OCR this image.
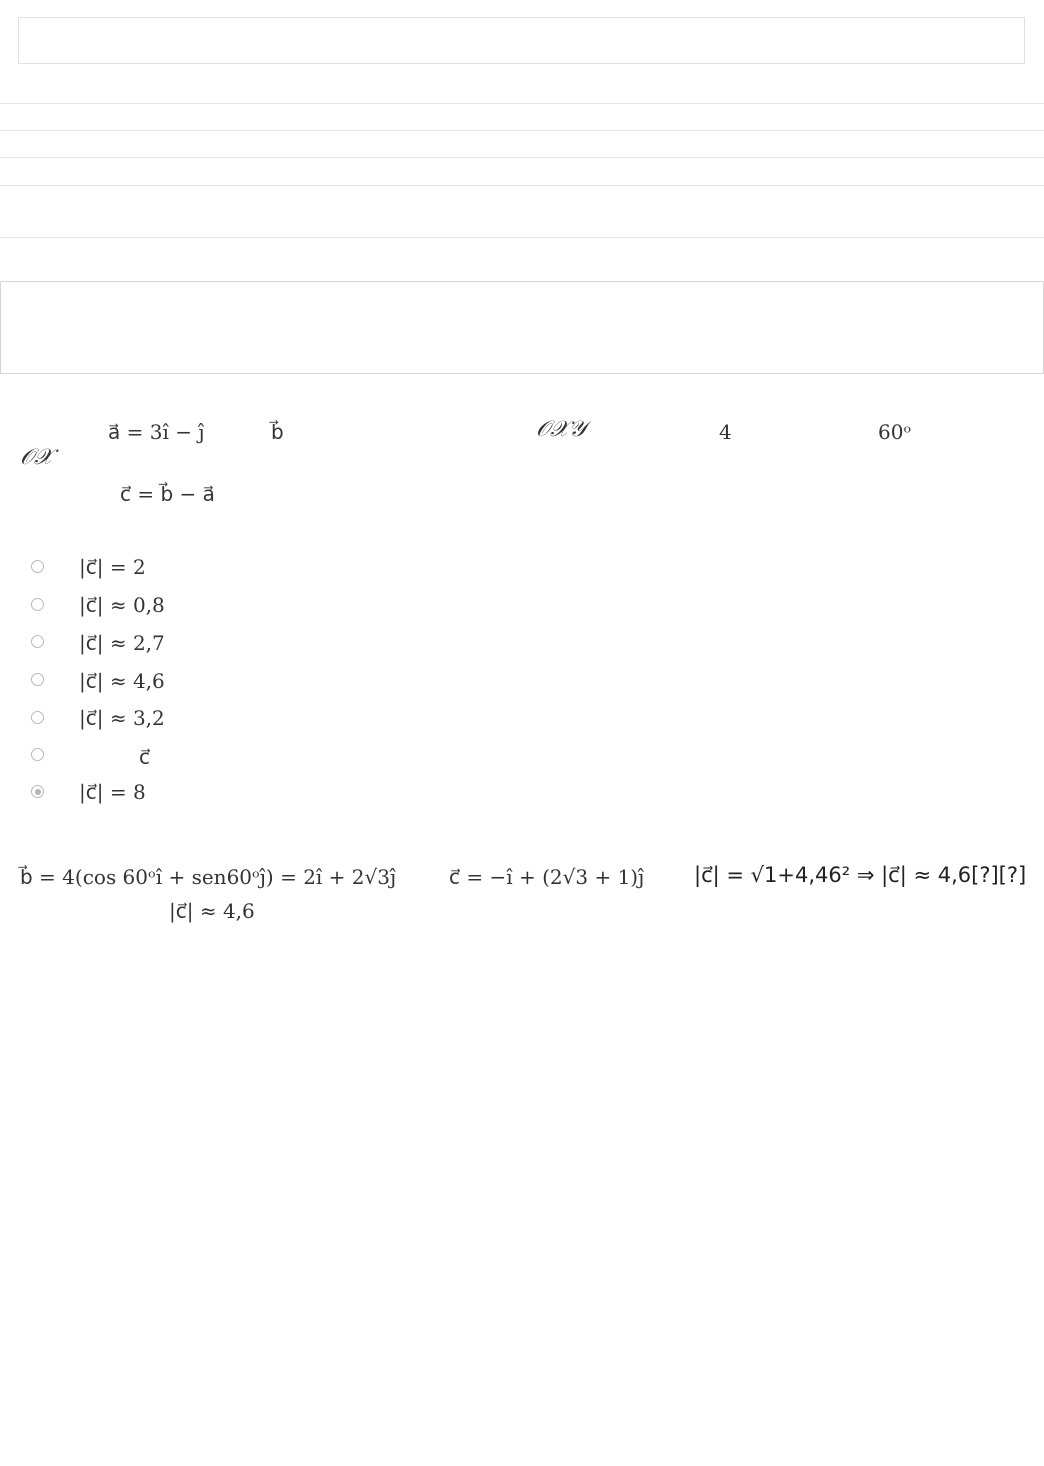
a⃗ = 3î − ĵ	b⃗	𝒪𝒳𝒴	4	60ᵒ
𝒪𝒳
c⃗ = b⃗ − a⃗
|c⃗| = 2
|c⃗| ≈ 0,8
|c⃗| ≈ 2,7
|c⃗| ≈ 4,6
|c⃗| ≈ 3,2
c⃗
|c⃗| = 8
b⃗ = 4(cos 60ᵒî + sen60ᵒĵ) = 2î + 2√3ĵ	c⃗ = −î + (2√3 + 1)ĵ |c⃗| = √1+4,46² ⇒ |c⃗| ≈ 4,6[?][?]
|c⃗| ≈ 4,6
